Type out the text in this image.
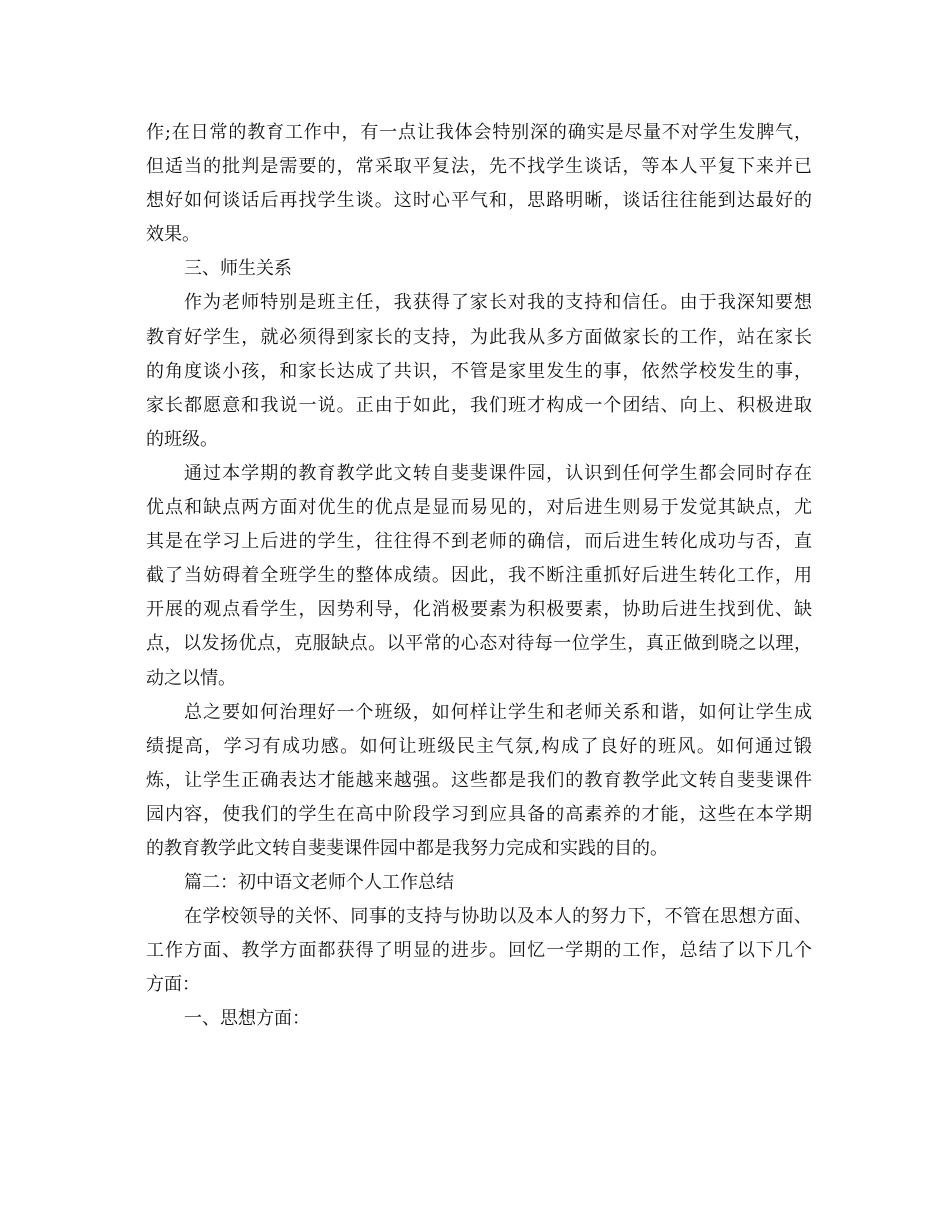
作;在日常的教育工作中，有一点让我体会特别深的确实是尽量不对学生发脾气，
但适当的批判是需要的，常采取平复法，先不找学生谈话，等本人平复下来并已
想好如何谈话后再找学生谈。这时心平气和，思路明晰，谈话往往能到达最好的
效果。
三、师生关系
作为老师特别是班主任，我获得了家长对我的支持和信任。由于我深知要想
教育好学生，就必须得到家长的支持，为此我从多方面做家长的工作，站在家长
的角度谈小孩，和家长达成了共识，不管是家里发生的事，依然学校发生的事，
家长都愿意和我说一说。正由于如此，我们班才构成一个团结、向上、积极进取
的班级。
通过本学期的教育教学此文转自斐斐课件园，认识到任何学生都会同时存在
优点和缺点两方面对优生的优点是显而易见的，对后进生则易于发觉其缺点，尤
其是在学习上后进的学生，往往得不到老师的确信，而后进生转化成功与否，直
截了当妨碍着全班学生的整体成绩。因此，我不断注重抓好后进生转化工作，用
开展的观点看学生，因势利导，化消极要素为积极要素，协助后进生找到优、缺
点，以发扬优点，克服缺点。以平常的心态对待每一位学生，真正做到晓之以理，
动之以情。
总之要如何治理好一个班级，如何样让学生和老师关系和谐，如何让学生成
绩提高，学习有成功感。如何让班级民主气氛,构成了良好的班风。如何通过锻
炼，让学生正确表达才能越来越强。这些都是我们的教育教学此文转自斐斐课件
园内容，使我们的学生在高中阶段学习到应具备的高素养的才能，这些在本学期
的教育教学此文转自斐斐课件园中都是我努力完成和实践的目的。
篇二：初中语文老师个人工作总结
在学校领导的关怀、同事的支持与协助以及本人的努力下，不管在思想方面、
工作方面、教学方面都获得了明显的进步。回忆一学期的工作，总结了以下几个
方面：
一、思想方面：
